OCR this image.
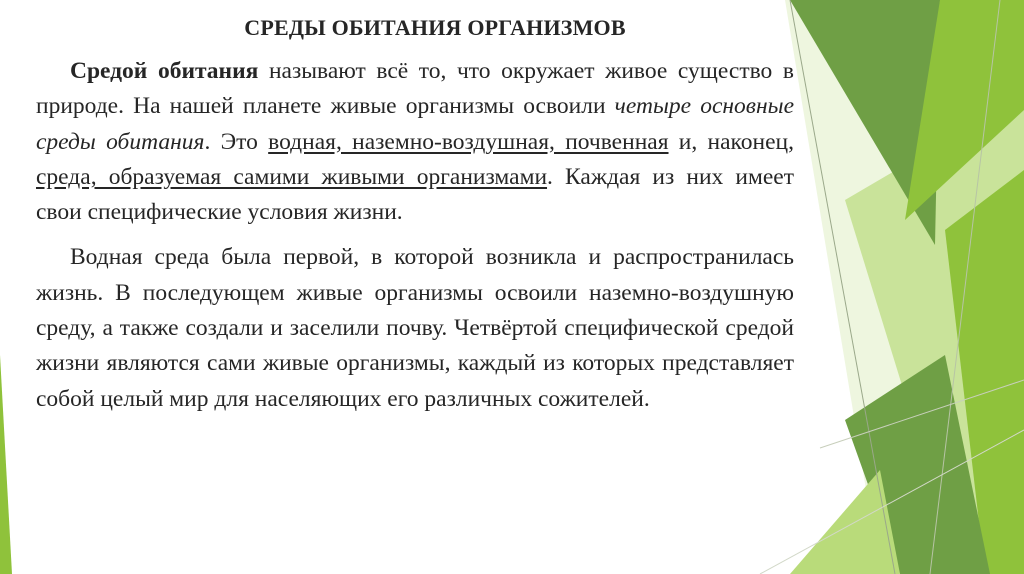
СРЕДЫ ОБИТАНИЯ ОРГАНИЗМОВ

Средой обитания называют всё то, что окружает живое существо в природе. На нашей планете живые организмы освоили четыре основные среды обитания. Это водная, наземно-воздушная, почвенная и, наконец, среда, образуемая самими живыми организмами. Каждая из них имеет свои специфические условия жизни.

Водная среда была первой, в которой возникла и распространилась жизнь. В последующем живые организмы освоили наземно-воздушную среду, а также создали и заселили почву. Четвёртой специфической средой жизни являются сами живые организмы, каждый из которых представляет собой целый мир для населяющих его различных сожителей.
